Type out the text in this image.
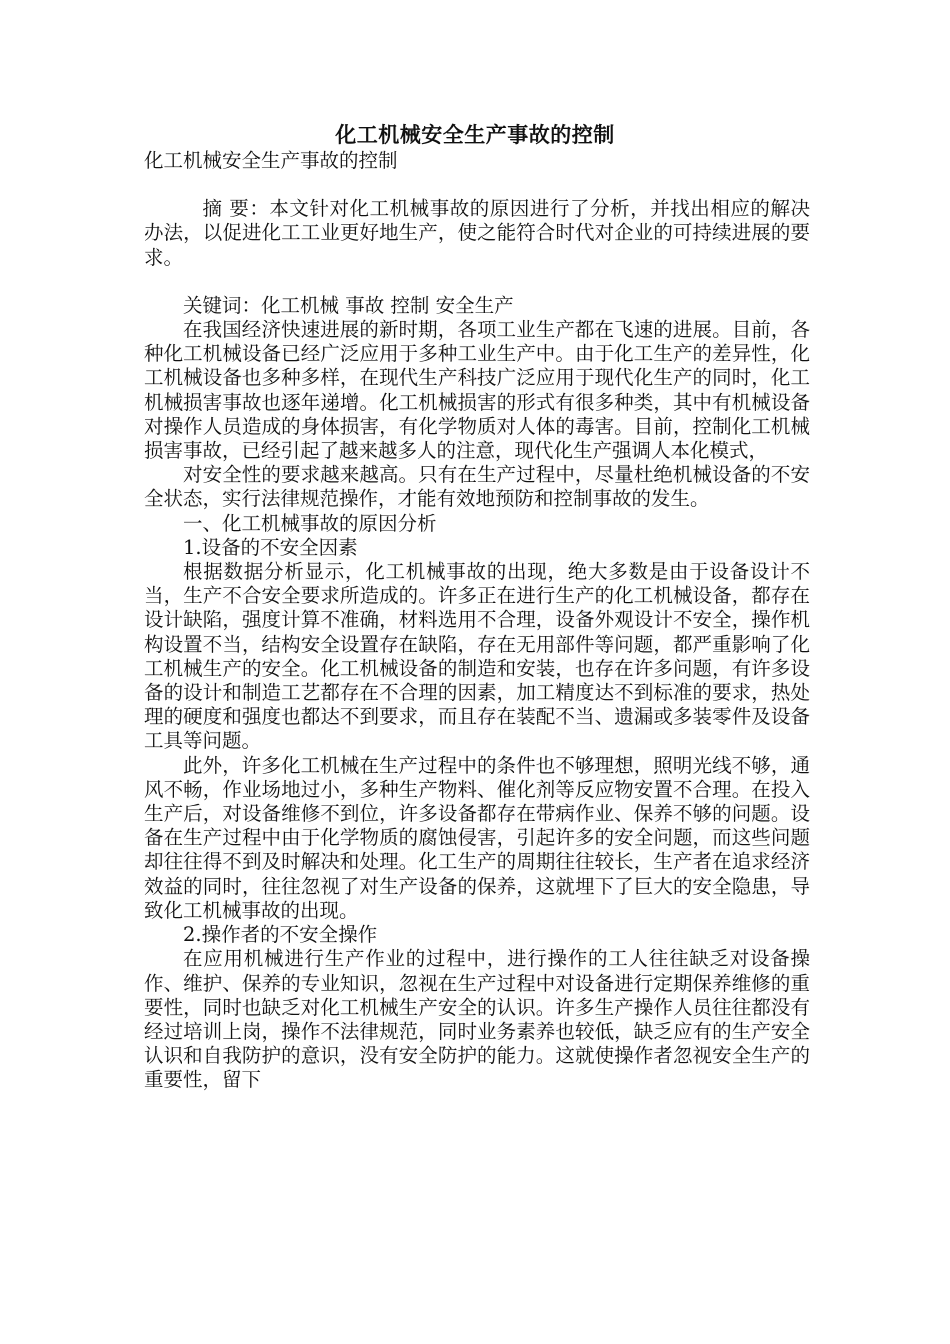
化工机械安全生产事故的控制

化工机械安全生产事故的控制

摘 要：本文针对化工机械事故的原因进行了分析，并找出相应的解决办法，以促进化工工业更好地生产，使之能符合时代对企业的可持续进展的要求。

关键词：化工机械 事故 控制 安全生产

在我国经济快速进展的新时期，各项工业生产都在飞速的进展。目前，各种化工机械设备已经广泛应用于多种工业生产中。由于化工生产的差异性，化工机械设备也多种多样，在现代生产科技广泛应用于现代化生产的同时，化工机械损害事故也逐年递增。化工机械损害的形式有很多种类，其中有机械设备对操作人员造成的身体损害，有化学物质对人体的毒害。目前，控制化工机械损害事故，已经引起了越来越多人的注意，现代化生产强调人本化模式，

对安全性的要求越来越高。只有在生产过程中，尽量杜绝机械设备的不安全状态，实行法律规范操作，才能有效地预防和控制事故的发生。

一、化工机械事故的原因分析

1.设备的不安全因素

根据数据分析显示，化工机械事故的出现，绝大多数是由于设备设计不当，生产不合安全要求所造成的。许多正在进行生产的化工机械设备，都存在设计缺陷，强度计算不准确，材料选用不合理，设备外观设计不安全，操作机构设置不当，结构安全设置存在缺陷，存在无用部件等问题，都严重影响了化工机械生产的安全。化工机械设备的制造和安装，也存在许多问题，有许多设备的设计和制造工艺都存在不合理的因素，加工精度达不到标准的要求，热处理的硬度和强度也都达不到要求，而且存在装配不当、遗漏或多装零件及设备工具等问题。

此外，许多化工机械在生产过程中的条件也不够理想，照明光线不够，通风不畅，作业场地过小，多种生产物料、催化剂等反应物安置不合理。在投入生产后，对设备维修不到位，许多设备都存在带病作业、保养不够的问题。设备在生产过程中由于化学物质的腐蚀侵害，引起许多的安全问题，而这些问题却往往得不到及时解决和处理。化工生产的周期往往较长，生产者在追求经济效益的同时，往往忽视了对生产设备的保养，这就埋下了巨大的安全隐患，导致化工机械事故的出现。

2.操作者的不安全操作

在应用机械进行生产作业的过程中，进行操作的工人往往缺乏对设备操作、维护、保养的专业知识，忽视在生产过程中对设备进行定期保养维修的重要性，同时也缺乏对化工机械生产安全的认识。许多生产操作人员往往都没有经过培训上岗，操作不法律规范，同时业务素养也较低，缺乏应有的生产安全认识和自我防护的意识，没有安全防护的能力。这就使操作者忽视安全生产的重要性，留下
